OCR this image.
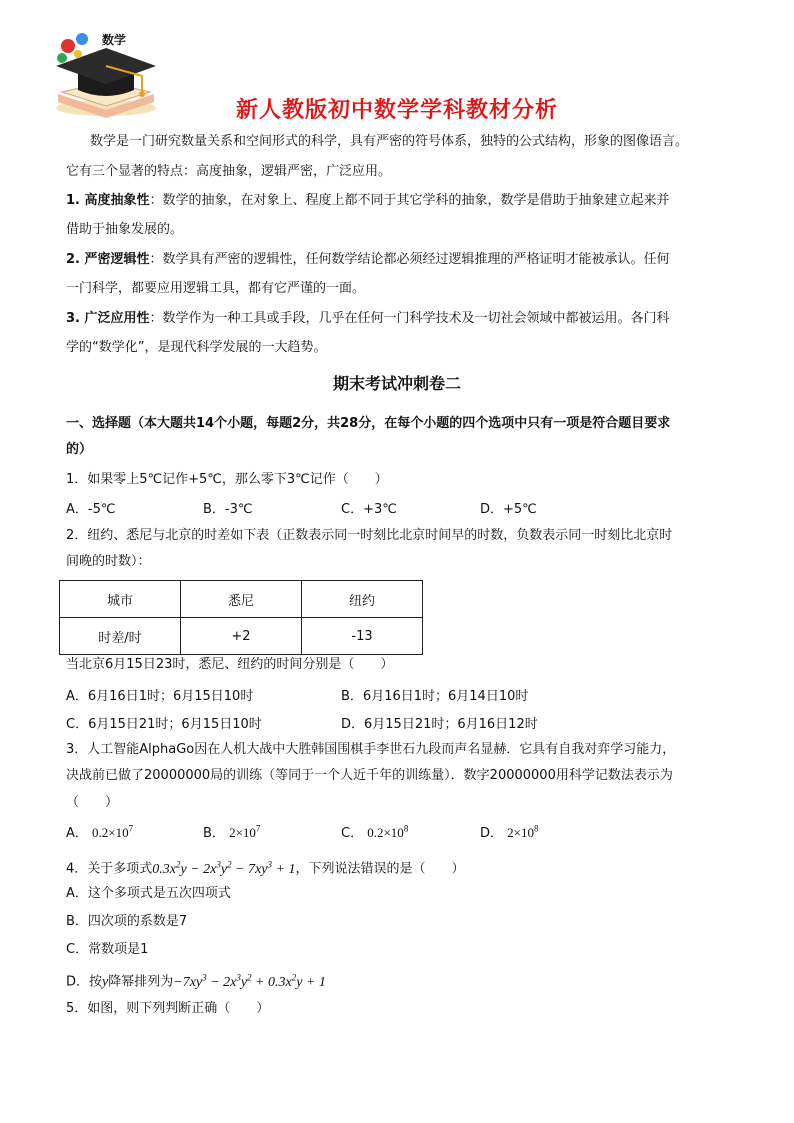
数学
新人教版初中数学学科教材分析
数学是一门研究数量关系和空间形式的科学，具有严密的符号体系，独特的公式结构，形象的图像语言。
它有三个显著的特点：高度抽象，逻辑严密，广泛应用。
1. 高度抽象性：数学的抽象，在对象上、程度上都不同于其它学科的抽象，数学是借助于抽象建立起来并
借助于抽象发展的。
2. 严密逻辑性：数学具有严密的逻辑性，任何数学结论都必须经过逻辑推理的严格证明才能被承认。任何
一门科学，都要应用逻辑工具，都有它严谨的一面。
3. 广泛应用性：数学作为一种工具或手段，几乎在任何一门科学技术及一切社会领域中都被运用。各门科
学的“数学化”，是现代科学发展的一大趋势。
期末考试冲刺卷二
一、选择题（本大题共14个小题，每题2分，共28分，在每个小题的四个选项中只有一项是符合题目要求
的）
1．如果零上5℃记作+5℃，那么零下3℃记作（　　）
A．-5℃	B．-3℃	C．+3℃	D．+5℃
2．纽约、悉尼与北京的时差如下表（正数表示同一时刻比北京时间早的时数，负数表示同一时刻比北京时
间晚的时数）：
城市	悉尼	纽约
时差/时	+2	-13
当北京6月15日23时，悉尼、纽约的时间分别是（　　）
A．6月16日1时；6月15日10时	B．6月16日1时；6月14日10时
C．6月15日21时；6月15日10时	D．6月15日21时；6月16日12时
3．人工智能AlphaGo因在人机大战中大胜韩国围棋手李世石九段而声名显赫．它具有自我对弈学习能力，
决战前已做了20000000局的训练（等同于一个人近千年的训练量）．数字20000000用科学记数法表示为
（　　）
A． $0.2\times 10^7$	B． $2\times 10^7$	C． $0.2\times 10^8$	D． $2\times 10^8$
4．关于多项式$0.3x^2y - 2x^3y^2 - 7xy^3 + 1$，下列说法错误的是（　　）
A．这个多项式是五次四项式
B．四次项的系数是7
C．常数项是1
D．按y降幂排列为$-7xy^3 - 2x^3y^2 + 0.3x^2y + 1$
5．如图，则下列判断正确（　　）
